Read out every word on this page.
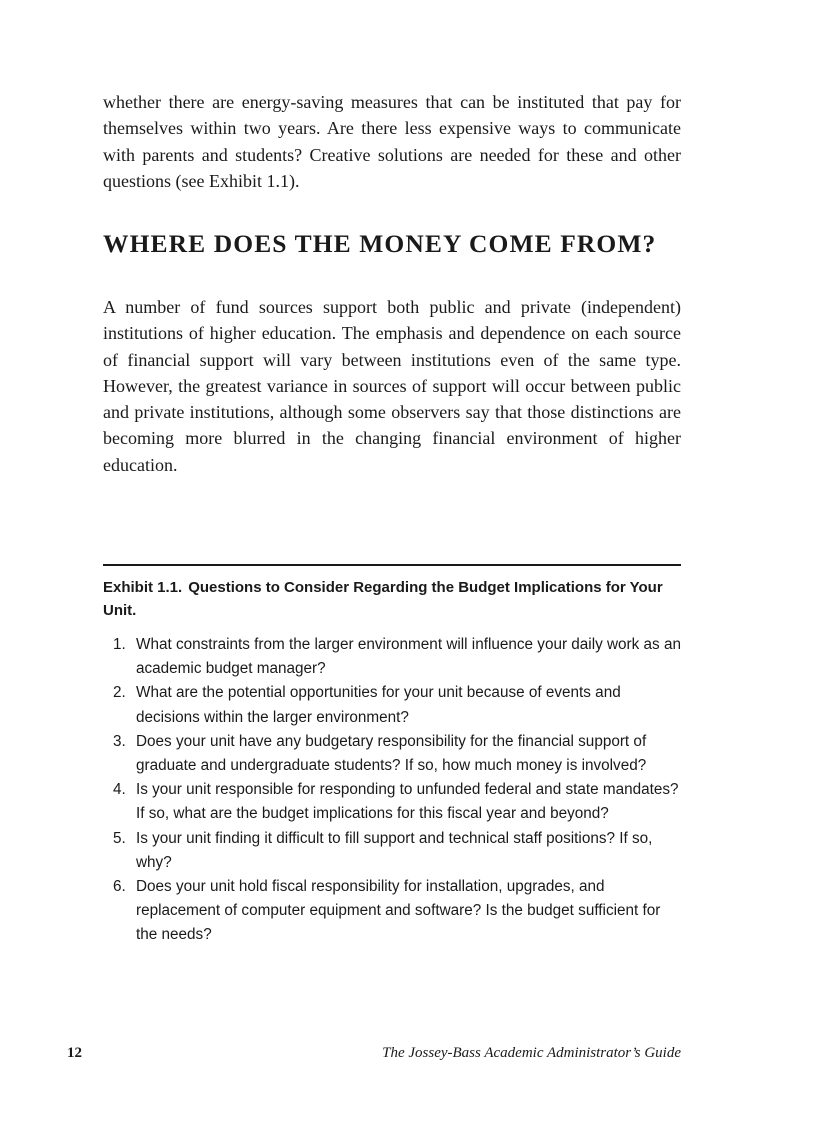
whether there are energy-saving measures that can be instituted that pay for themselves within two years. Are there less expensive ways to communicate with parents and students? Creative solutions are needed for these and other questions (see Exhibit 1.1).

WHERE DOES THE MONEY COME FROM?

A number of fund sources support both public and private (independent) institutions of higher education. The emphasis and dependence on each source of financial support will vary between institutions even of the same type. However, the greatest variance in sources of support will occur between public and private institutions, although some observers say that those distinctions are becoming more blurred in the changing financial environment of higher education.

Exhibit 1.1. Questions to Consider Regarding the Budget Implications for Your Unit.
1. What constraints from the larger environment will influence your daily work as an academic budget manager?
2. What are the potential opportunities for your unit because of events and decisions within the larger environment?
3. Does your unit have any budgetary responsibility for the financial support of graduate and undergraduate students? If so, how much money is involved?
4. Is your unit responsible for responding to unfunded federal and state mandates? If so, what are the budget implications for this fiscal year and beyond?
5. Is your unit finding it difficult to fill support and technical staff positions? If so, why?
6. Does your unit hold fiscal responsibility for installation, upgrades, and replacement of computer equipment and software? Is the budget sufficient for the needs?

12	The Jossey-Bass Academic Administrator’s Guide
